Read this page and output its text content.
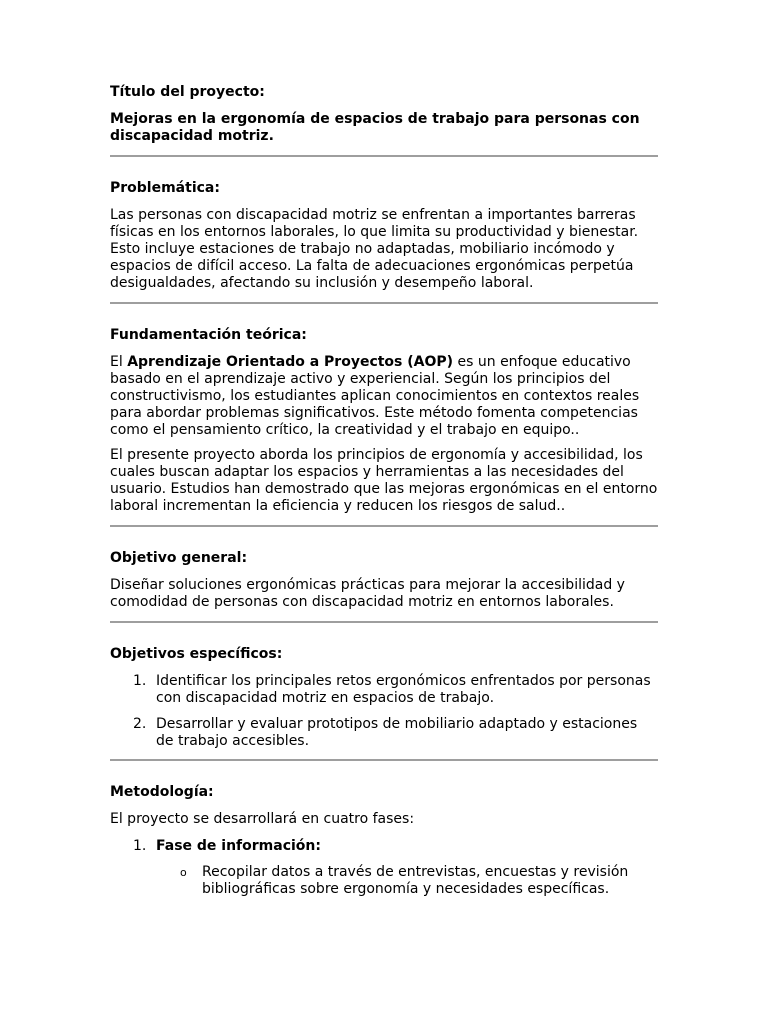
Título del proyecto:

Mejoras en la ergonomía de espacios de trabajo para personas con discapacidad motriz.

Problemática:

Las personas con discapacidad motriz se enfrentan a importantes barreras físicas en los entornos laborales, lo que limita su productividad y bienestar. Esto incluye estaciones de trabajo no adaptadas, mobiliario incómodo y espacios de difícil acceso. La falta de adecuaciones ergonómicas perpetúa desigualdades, afectando su inclusión y desempeño laboral.

Fundamentación teórica:

El Aprendizaje Orientado a Proyectos (AOP) es un enfoque educativo basado en el aprendizaje activo y experiencial. Según los principios del constructivismo, los estudiantes aplican conocimientos en contextos reales para abordar problemas significativos. Este método fomenta competencias como el pensamiento crítico, la creatividad y el trabajo en equipo..

El presente proyecto aborda los principios de ergonomía y accesibilidad, los cuales buscan adaptar los espacios y herramientas a las necesidades del usuario. Estudios han demostrado que las mejoras ergonómicas en el entorno laboral incrementan la eficiencia y reducen los riesgos de salud..

Objetivo general:

Diseñar soluciones ergonómicas prácticas para mejorar la accesibilidad y comodidad de personas con discapacidad motriz en entornos laborales.

Objetivos específicos:

1. Identificar los principales retos ergonómicos enfrentados por personas con discapacidad motriz en espacios de trabajo.
2. Desarrollar y evaluar prototipos de mobiliario adaptado y estaciones de trabajo accesibles.

Metodología:

El proyecto se desarrollará en cuatro fases:

1. Fase de información:
o Recopilar datos a través de entrevistas, encuestas y revisión bibliográficas sobre ergonomía y necesidades específicas.
